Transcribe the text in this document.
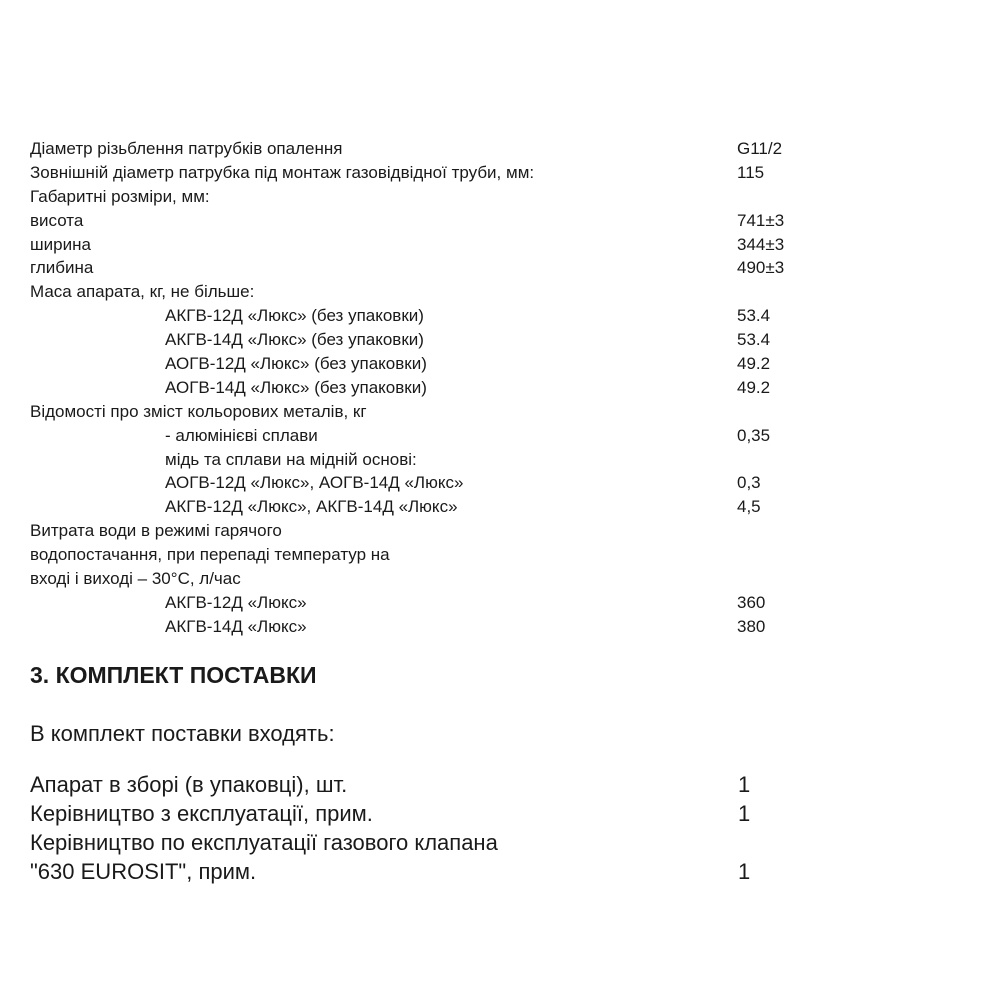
Діаметр різьблення патрубків опалення	G11/2
Зовнішній діаметр патрубка під монтаж газовідвідної труби, мм:	115
Габаритні розміри, мм:
висота	741±3
ширина	344±3
глибина	490±3
Маса апарата, кг, не більше:
АКГВ-12Д «Люкс» (без упаковки)	53.4
АКГВ-14Д «Люкс» (без упаковки)	53.4
АОГВ-12Д «Люкс» (без упаковки)	49.2
АОГВ-14Д «Люкс» (без упаковки)	49.2
Відомості про зміст кольорових металів, кг
- алюмінієві сплави	0,35
мідь та сплави на мідній основі:
АОГВ-12Д «Люкс», АОГВ-14Д «Люкс»	0,3
АКГВ-12Д «Люкс», АКГВ-14Д «Люкс»	4,5
Витрата води в режимі гарячого
водопостачання, при перепаді температур на
вході і виході – 30°С, л/час
АКГВ-12Д «Люкс»	360
АКГВ-14Д «Люкс»	380
3. КОМПЛЕКТ ПОСТАВКИ
В комплект поставки входять:
Апарат в зборі (в упаковці), шт.	1
Керівництво з експлуатації, прим.	1
Керівництво по експлуатації газового клапана
"630 EUROSIT", прим.	1
